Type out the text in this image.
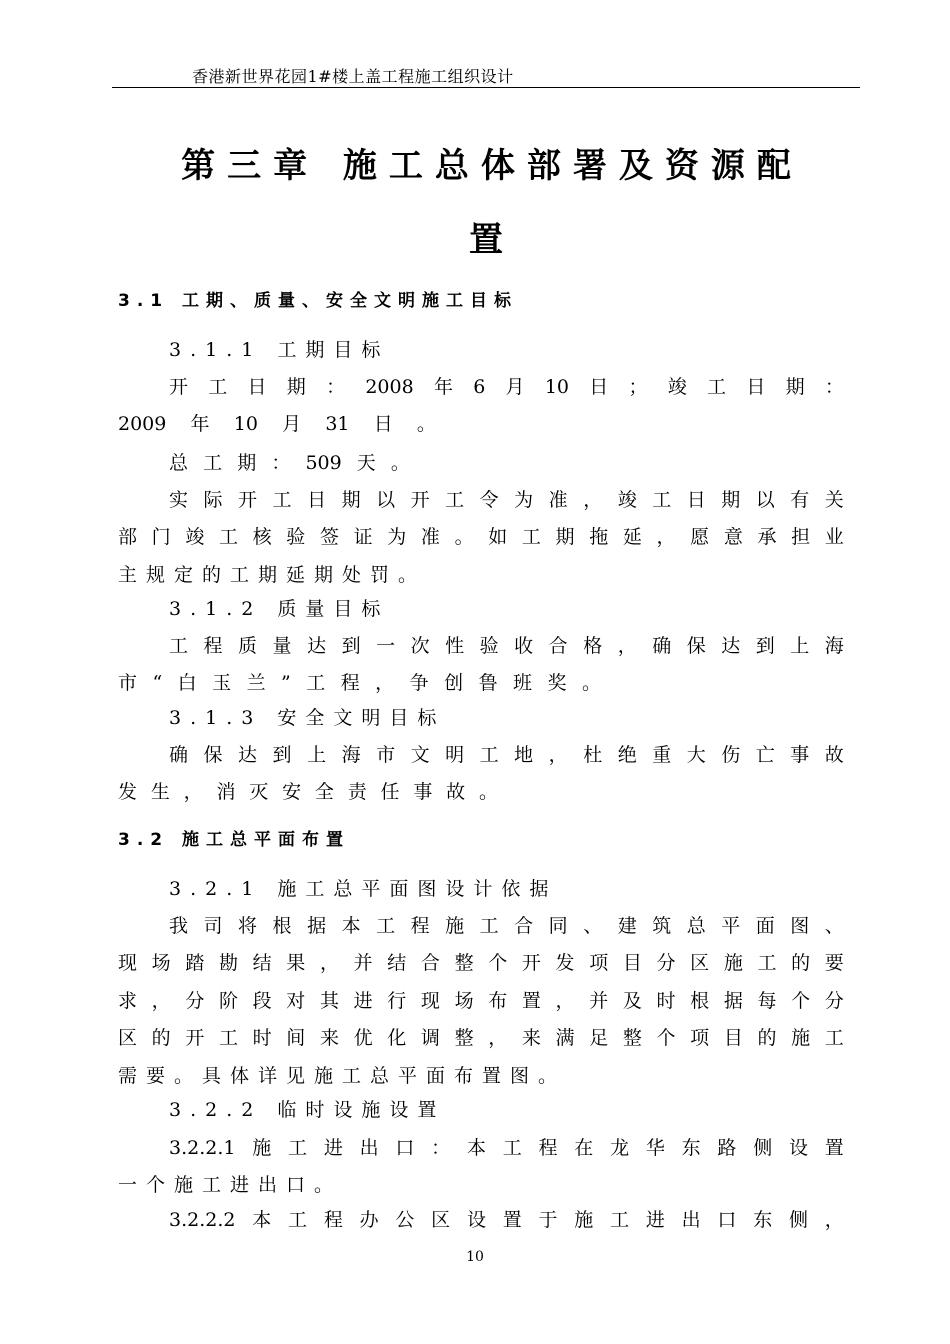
香港新世界花园1#楼上盖工程施工组织设计
第三章 施工总体部署及资源配
置
3.1 工期、质量、安全文明施工目标
3.1.1 工期目标
开 工 日 期 ： 2008 年 6 月 10 日 ； 竣 工 日 期 ：
2009 年 10 月 31 日 。
总 工 期 ： 509 天 。
实 际 开 工 日 期 以 开 工 令 为 准 ， 竣 工 日 期 以 有 关
部 门 竣 工 核 验 签 证 为 准 。 如 工 期 拖 延 ， 愿 意 承 担 业
主规定的工期延期处罚。
3.1.2 质量目标
工 程 质 量 达 到 一 次 性 验 收 合 格 ， 确 保 达 到 上 海
市 “ 白 玉 兰 ” 工 程 ， 争 创 鲁 班 奖 。
3.1.3 安全文明目标
确 保 达 到 上 海 市 文 明 工 地 ， 杜 绝 重 大 伤 亡 事 故
发 生 ， 消 灭 安 全 责 任 事 故 。
3.2 施工总平面布置
3.2.1 施工总平面图设计依据
我 司 将 根 据 本 工 程 施 工 合 同 、 建 筑 总 平 面 图 、
现 场 踏 勘 结 果 ， 并 结 合 整 个 开 发 项 目 分 区 施 工 的 要
求 ， 分 阶 段 对 其 进 行 现 场 布 置 ， 并 及 时 根 据 每 个 分
区 的 开 工 时 间 来 优 化 调 整 ， 来 满 足 整 个 项 目 的 施 工
需要。具体详见施工总平面布置图。
3.2.2 临时设施设置
3.2.2.1 施 工 进 出 口 ： 本 工 程 在 龙 华 东 路 侧 设 置
一个施工进出口。
3.2.2.2 本 工 程 办 公 区 设 置 于 施 工 进 出 口 东 侧 ，
10
